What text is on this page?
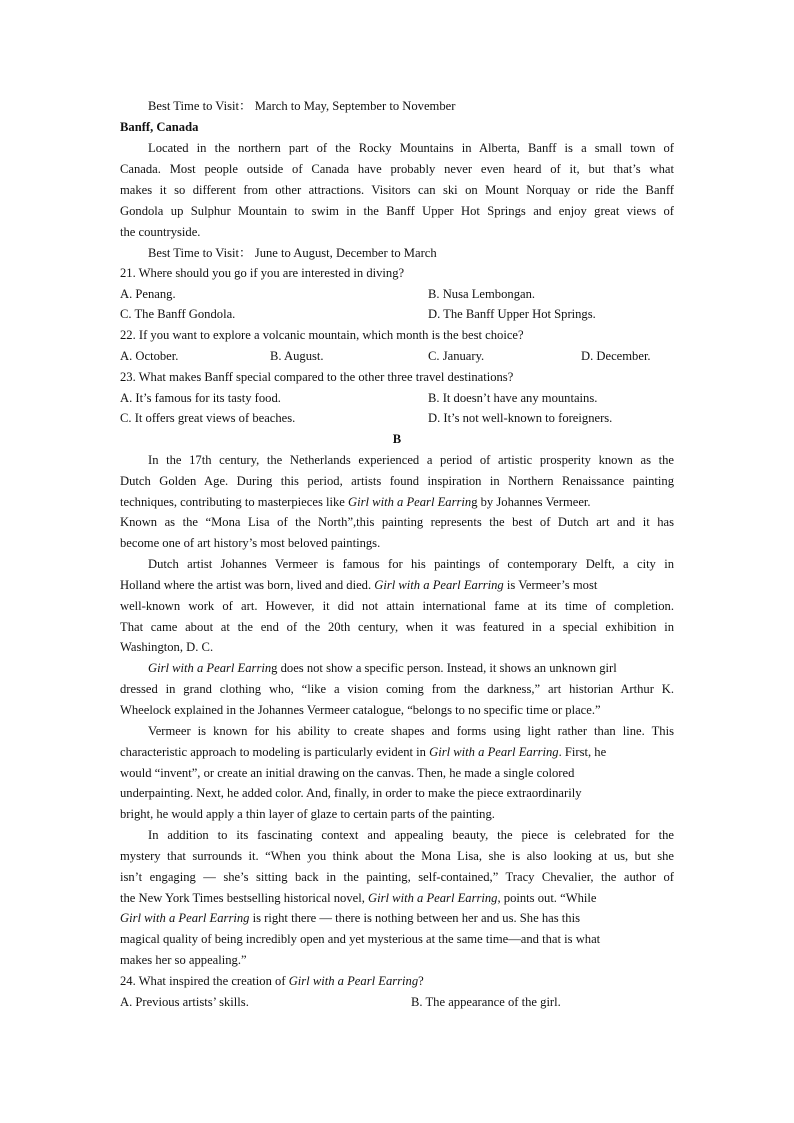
Best Time to Visit： March to May, September to November
Banff, Canada
Located in the northern part of the Rocky Mountains in Alberta, Banff is a small town of
Canada. Most people outside of Canada have probably never even heard of it, but that’s what
makes it so different from other attractions. Visitors can ski on Mount Norquay or ride the Banff
Gondola up Sulphur Mountain to swim in the Banff Upper Hot Springs and enjoy great views of
the countryside.
Best Time to Visit： June to August, December to March
21. Where should you go if you are interested in diving?
A. Penang.	B. Nusa Lembongan.
C. The Banff Gondola.	D. The Banff Upper Hot Springs.
22. If you want to explore a volcanic mountain, which month is the best choice?
A. October.	B. August.	C. January.	D. December.
23. What makes Banff special compared to the other three travel destinations?
A. It’s famous for its tasty food.	B. It doesn’t have any mountains.
C. It offers great views of beaches.	D. It’s not well-known to foreigners.
B
In the 17th century, the Netherlands experienced a period of artistic prosperity known as the
Dutch Golden Age. During this period, artists found inspiration in Northern Renaissance painting
techniques, contributing to masterpieces like Girl with a Pearl Earring by Johannes Vermeer.
Known as the “Mona Lisa of the North”,this painting represents the best of Dutch art and it has
become one of art history’s most beloved paintings.
Dutch artist Johannes Vermeer is famous for his paintings of contemporary Delft, a city in
Holland where the artist was born, lived and died. Girl with a Pearl Earring is Vermeer’s most
well-known work of art. However, it did not attain international fame at its time of completion.
That came about at the end of the 20th century, when it was featured in a special exhibition in
Washington, D. C.
Girl with a Pearl Earring does not show a specific person. Instead, it shows an unknown girl
dressed in grand clothing who, “like a vision coming from the darkness,” art historian Arthur K.
Wheelock explained in the Johannes Vermeer catalogue, “belongs to no specific time or place.”
Vermeer is known for his ability to create shapes and forms using light rather than line. This
characteristic approach to modeling is particularly evident in Girl with a Pearl Earring. First, he
would “invent”, or create an initial drawing on the canvas. Then, he made a single colored
underpainting. Next, he added color. And, finally, in order to make the piece extraordinarily
bright, he would apply a thin layer of glaze to certain parts of the painting.
In addition to its fascinating context and appealing beauty, the piece is celebrated for the
mystery that surrounds it. “When you think about the Mona Lisa, she is also looking at us, but she
isn’t engaging — she’s sitting back in the painting, self-contained,” Tracy Chevalier, the author of
the New York Times bestselling historical novel, Girl with a Pearl Earring, points out. “While
Girl with a Pearl Earring is right there — there is nothing between her and us. She has this
magical quality of being incredibly open and yet mysterious at the same time—and that is what
makes her so appealing.”
24. What inspired the creation of Girl with a Pearl Earring?
A. Previous artists’ skills.	B. The appearance of the girl.
